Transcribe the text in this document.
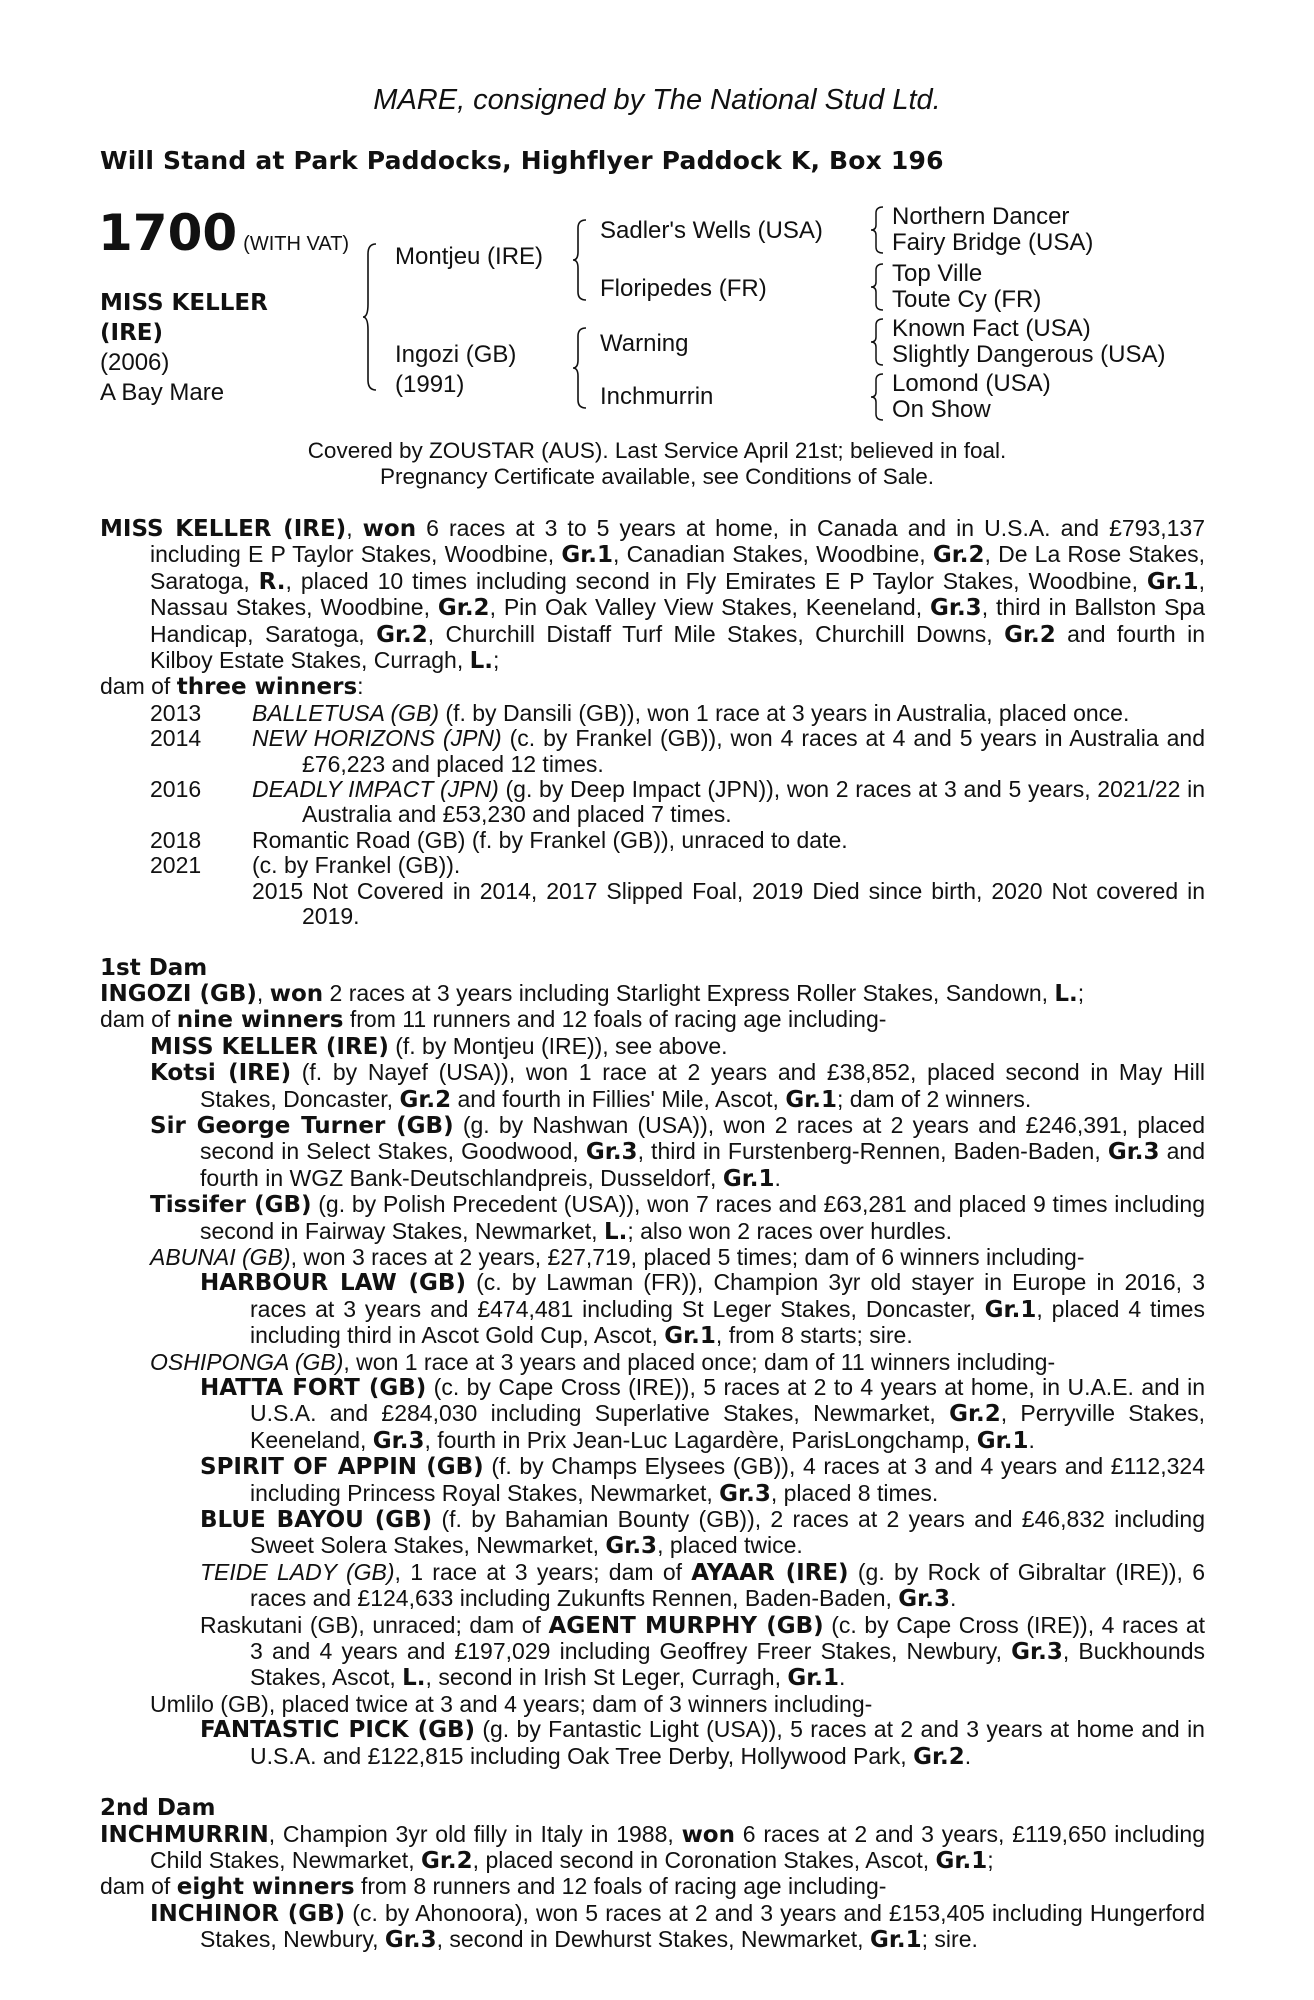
MARE, consigned by The National Stud Ltd.
Will Stand at Park Paddocks, Highflyer Paddock K, Box 196
1700 (WITH VAT)
MISS KELLER
(IRE)
(2006)
A Bay Mare
Montjeu (IRE)
Ingozi (GB)
(1991)
Sadler's Wells (USA)
Floripedes (FR)
Warning
Inchmurrin
Northern Dancer
Fairy Bridge (USA)
Top Ville
Toute Cy (FR)
Known Fact (USA)
Slightly Dangerous (USA)
Lomond (USA)
On Show
Covered by ZOUSTAR (AUS). Last Service April 21st; believed in foal.
Pregnancy Certificate available, see Conditions of Sale.

MISS KELLER (IRE), won 6 races at 3 to 5 years at home, in Canada and in U.S.A. and £793,137 including E P Taylor Stakes, Woodbine, Gr.1, Canadian Stakes, Woodbine, Gr.2, De La Rose Stakes, Saratoga, R., placed 10 times including second in Fly Emirates E P Taylor Stakes, Woodbine, Gr.1, Nassau Stakes, Woodbine, Gr.2, Pin Oak Valley View Stakes, Keeneland, Gr.3, third in Ballston Spa Handicap, Saratoga, Gr.2, Churchill Distaff Turf Mile Stakes, Churchill Downs, Gr.2 and fourth in Kilboy Estate Stakes, Curragh, L.;

dam of three winners:

2013	BALLETUSA (GB) (f. by Dansili (GB)), won 1 race at 3 years in Australia, placed once.
2014	NEW HORIZONS (JPN) (c. by Frankel (GB)), won 4 races at 4 and 5 years in Australia and £76,223 and placed 12 times.
2016	DEADLY IMPACT (JPN) (g. by Deep Impact (JPN)), won 2 races at 3 and 5 years, 2021/22 in Australia and £53,230 and placed 7 times.
2018	Romantic Road (GB) (f. by Frankel (GB)), unraced to date.
2021	(c. by Frankel (GB)).
2015 Not Covered in 2014, 2017 Slipped Foal, 2019 Died since birth, 2020 Not covered in 2019.

1st Dam

INGOZI (GB), won 2 races at 3 years including Starlight Express Roller Stakes, Sandown, L.;

dam of nine winners from 11 runners and 12 foals of racing age including-

MISS KELLER (IRE) (f. by Montjeu (IRE)), see above.

Kotsi (IRE) (f. by Nayef (USA)), won 1 race at 2 years and £38,852, placed second in May Hill Stakes, Doncaster, Gr.2 and fourth in Fillies' Mile, Ascot, Gr.1; dam of 2 winners.

Sir George Turner (GB) (g. by Nashwan (USA)), won 2 races at 2 years and £246,391, placed second in Select Stakes, Goodwood, Gr.3, third in Furstenberg-Rennen, Baden-Baden, Gr.3 and fourth in WGZ Bank-Deutschlandpreis, Dusseldorf, Gr.1.

Tissifer (GB) (g. by Polish Precedent (USA)), won 7 races and £63,281 and placed 9 times including second in Fairway Stakes, Newmarket, L.; also won 2 races over hurdles.

ABUNAI (GB), won 3 races at 2 years, £27,719, placed 5 times; dam of 6 winners including-

HARBOUR LAW (GB) (c. by Lawman (FR)), Champion 3yr old stayer in Europe in 2016, 3 races at 3 years and £474,481 including St Leger Stakes, Doncaster, Gr.1, placed 4 times including third in Ascot Gold Cup, Ascot, Gr.1, from 8 starts; sire.

OSHIPONGA (GB), won 1 race at 3 years and placed once; dam of 11 winners including-

HATTA FORT (GB) (c. by Cape Cross (IRE)), 5 races at 2 to 4 years at home, in U.A.E. and in U.S.A. and £284,030 including Superlative Stakes, Newmarket, Gr.2, Perryville Stakes, Keeneland, Gr.3, fourth in Prix Jean-Luc Lagardère, ParisLongchamp, Gr.1.

SPIRIT OF APPIN (GB) (f. by Champs Elysees (GB)), 4 races at 3 and 4 years and £112,324 including Princess Royal Stakes, Newmarket, Gr.3, placed 8 times.

BLUE BAYOU (GB) (f. by Bahamian Bounty (GB)), 2 races at 2 years and £46,832 including Sweet Solera Stakes, Newmarket, Gr.3, placed twice.

TEIDE LADY (GB), 1 race at 3 years; dam of AYAAR (IRE) (g. by Rock of Gibraltar (IRE)), 6 races and £124,633 including Zukunfts Rennen, Baden-Baden, Gr.3.

Raskutani (GB), unraced; dam of AGENT MURPHY (GB) (c. by Cape Cross (IRE)), 4 races at 3 and 4 years and £197,029 including Geoffrey Freer Stakes, Newbury, Gr.3, Buckhounds Stakes, Ascot, L., second in Irish St Leger, Curragh, Gr.1.

Umlilo (GB), placed twice at 3 and 4 years; dam of 3 winners including-

FANTASTIC PICK (GB) (g. by Fantastic Light (USA)), 5 races at 2 and 3 years at home and in U.S.A. and £122,815 including Oak Tree Derby, Hollywood Park, Gr.2.

2nd Dam

INCHMURRIN, Champion 3yr old filly in Italy in 1988, won 6 races at 2 and 3 years, £119,650 including Child Stakes, Newmarket, Gr.2, placed second in Coronation Stakes, Ascot, Gr.1;

dam of eight winners from 8 runners and 12 foals of racing age including-

INCHINOR (GB) (c. by Ahonoora), won 5 races at 2 and 3 years and £153,405 including Hungerford Stakes, Newbury, Gr.3, second in Dewhurst Stakes, Newmarket, Gr.1; sire.
